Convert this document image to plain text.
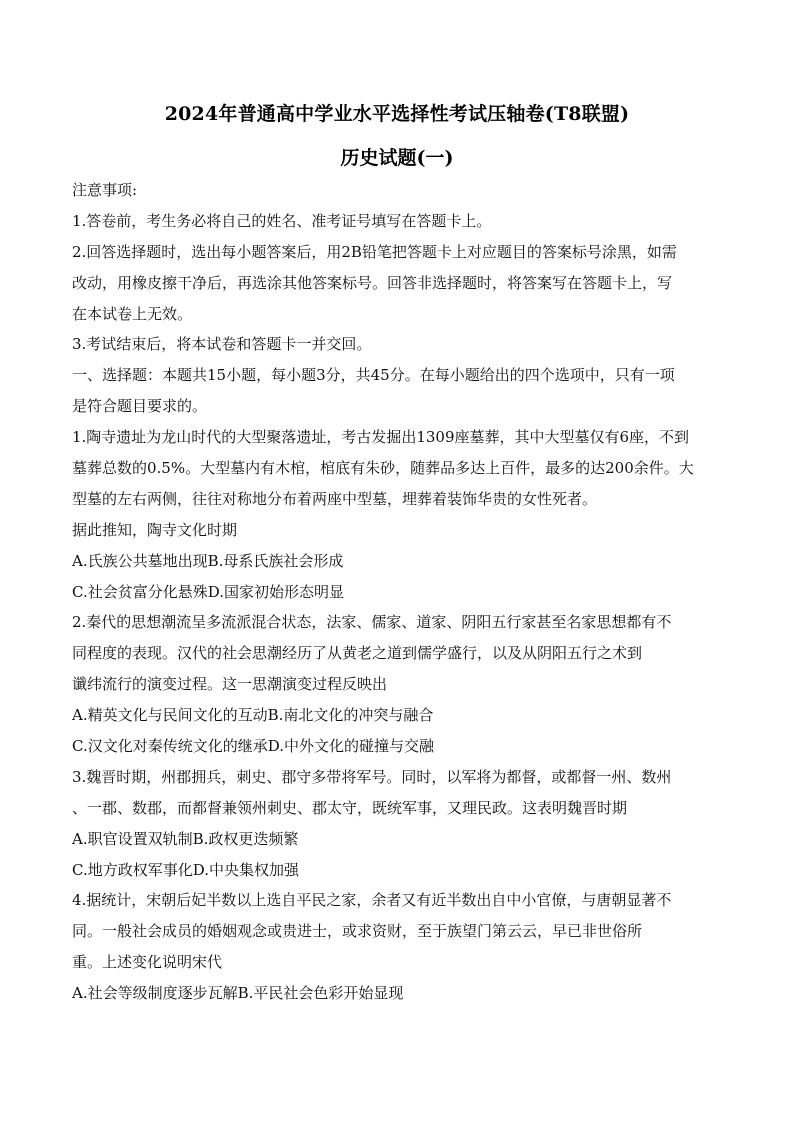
2024年普通高中学业水平选择性考试压轴卷(T8联盟)
历史试题(一)
注意事项:
1.答卷前，考生务必将自己的姓名、准考证号填写在答题卡上。
2.回答选择题时，选出每小题答案后，用2B铅笔把答题卡上对应题目的答案标号涂黑，如需
改动，用橡皮擦干净后，再选涂其他答案标号。回答非选择题时，将答案写在答题卡上，写
在本试卷上无效。
3.考试结束后，将本试卷和答题卡一并交回。
一、选择题：本题共15小题，每小题3分，共45分。在每小题给出的四个选项中，只有一项
是符合题目要求的。
1.陶寺遗址为龙山时代的大型聚落遗址，考古发掘出1309座墓葬，其中大型墓仅有6座，不到
墓葬总数的0.5%。大型墓内有木棺，棺底有朱砂，随葬品多达上百件，最多的达200余件。大
型墓的左右两侧，往往对称地分布着两座中型墓，埋葬着装饰华贵的女性死者。
据此推知，陶寺文化时期
A.氏族公共墓地出现B.母系氏族社会形成
C.社会贫富分化悬殊D.国家初始形态明显
2.秦代的思想潮流呈多流派混合状态，法家、儒家、道家、阴阳五行家甚至名家思想都有不
同程度的表现。汉代的社会思潮经历了从黄老之道到儒学盛行，以及从阴阳五行之术到
谶纬流行的演变过程。这一思潮演变过程反映出
A.精英文化与民间文化的互动B.南北文化的冲突与融合
C.汉文化对秦传统文化的继承D.中外文化的碰撞与交融
3.魏晋时期，州郡拥兵，刺史、郡守多带将军号。同时，以军将为都督，或都督一州、数州
、一郡、数郡，而都督兼领州刺史、郡太守，既统军事，又理民政。这表明魏晋时期
A.职官设置双轨制B.政权更迭频繁
C.地方政权军事化D.中央集权加强
4.据统计，宋朝后妃半数以上选自平民之家，余者又有近半数出自中小官僚，与唐朝显著不
同。一般社会成员的婚姻观念或贵进士，或求资财，至于族望门第云云，早已非世俗所
重。上述变化说明宋代
A.社会等级制度逐步瓦解B.平民社会色彩开始显现
